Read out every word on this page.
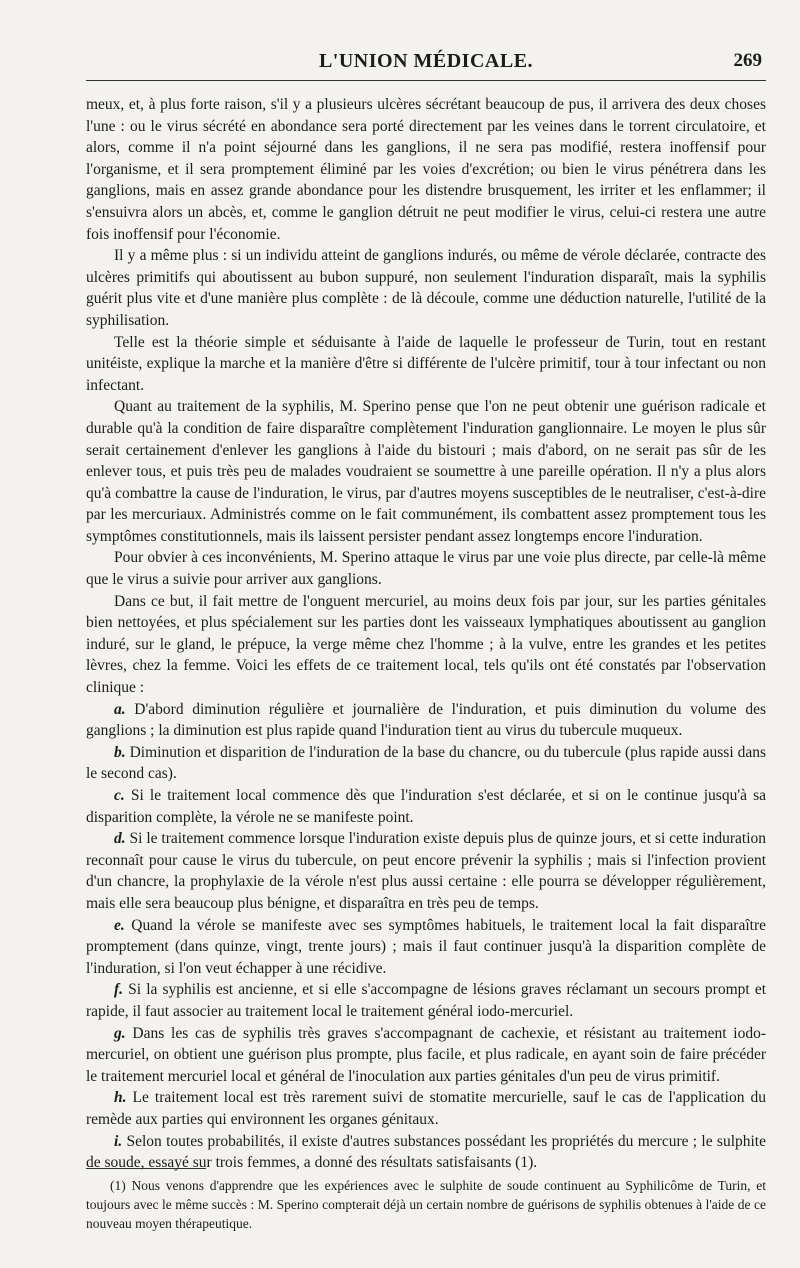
L'UNION MÉDICALE.	269

meux, et, à plus forte raison, s'il y a plusieurs ulcères sécrétant beaucoup de pus, il arrivera des deux choses l'une : ou le virus sécrété en abondance sera porté directement par les veines dans le torrent circulatoire, et alors, comme il n'a point séjourné dans les ganglions, il ne sera pas modifié, restera inoffensif pour l'organisme, et il sera promptement éliminé par les voies d'excrétion; ou bien le virus pénétrera dans les ganglions, mais en assez grande abondance pour les distendre brusquement, les irriter et les enflammer; il s'ensuivra alors un abcès, et, comme le ganglion détruit ne peut modifier le virus, celui-ci restera une autre fois inoffensif pour l'économie.

Il y a même plus : si un individu atteint de ganglions indurés, ou même de vérole déclarée, contracte des ulcères primitifs qui aboutissent au bubon suppuré, non seulement l'induration disparaît, mais la syphilis guérit plus vite et d'une manière plus complète : de là découle, comme une déduction naturelle, l'utilité de la syphilisation.

Telle est la théorie simple et séduisante à l'aide de laquelle le professeur de Turin, tout en restant unitéiste, explique la marche et la manière d'être si différente de l'ulcère primitif, tour à tour infectant ou non infectant.

Quant au traitement de la syphilis, M. Sperino pense que l'on ne peut obtenir une guérison radicale et durable qu'à la condition de faire disparaître complètement l'induration ganglionnaire. Le moyen le plus sûr serait certainement d'enlever les ganglions à l'aide du bistouri ; mais d'abord, on ne serait pas sûr de les enlever tous, et puis très peu de malades voudraient se soumettre à une pareille opération. Il n'y a plus alors qu'à combattre la cause de l'induration, le virus, par d'autres moyens susceptibles de le neutraliser, c'est-à-dire par les mercuriaux. Administrés comme on le fait communément, ils combattent assez promptement tous les symptômes constitutionnels, mais ils laissent persister pendant assez longtemps encore l'induration.

Pour obvier à ces inconvénients, M. Sperino attaque le virus par une voie plus directe, par celle-là même que le virus a suivie pour arriver aux ganglions.

Dans ce but, il fait mettre de l'onguent mercuriel, au moins deux fois par jour, sur les parties génitales bien nettoyées, et plus spécialement sur les parties dont les vaisseaux lymphatiques aboutissent au ganglion induré, sur le gland, le prépuce, la verge même chez l'homme ; à la vulve, entre les grandes et les petites lèvres, chez la femme. Voici les effets de ce traitement local, tels qu'ils ont été constatés par l'observation clinique :

a. D'abord diminution régulière et journalière de l'induration, et puis diminution du volume des ganglions ; la diminution est plus rapide quand l'induration tient au virus du tubercule muqueux.

b. Diminution et disparition de l'induration de la base du chancre, ou du tubercule (plus rapide aussi dans le second cas).

c. Si le traitement local commence dès que l'induration s'est déclarée, et si on le continue jusqu'à sa disparition complète, la vérole ne se manifeste point.

d. Si le traitement commence lorsque l'induration existe depuis plus de quinze jours, et si cette induration reconnaît pour cause le virus du tubercule, on peut encore prévenir la syphilis ; mais si l'infection provient d'un chancre, la prophylaxie de la vérole n'est plus aussi certaine : elle pourra se développer régulièrement, mais elle sera beaucoup plus bénigne, et disparaîtra en très peu de temps.

e. Quand la vérole se manifeste avec ses symptômes habituels, le traitement local la fait disparaître promptement (dans quinze, vingt, trente jours) ; mais il faut continuer jusqu'à la disparition complète de l'induration, si l'on veut échapper à une récidive.

f. Si la syphilis est ancienne, et si elle s'accompagne de lésions graves réclamant un secours prompt et rapide, il faut associer au traitement local le traitement général iodo-mercuriel.

g. Dans les cas de syphilis très graves s'accompagnant de cachexie, et résistant au traitement iodo-mercuriel, on obtient une guérison plus prompte, plus facile, et plus radicale, en ayant soin de faire précéder le traitement mercuriel local et général de l'inoculation aux parties génitales d'un peu de virus primitif.

h. Le traitement local est très rarement suivi de stomatite mercurielle, sauf le cas de l'application du remède aux parties qui environnent les organes génitaux.

i. Selon toutes probabilités, il existe d'autres substances possédant les propriétés du mercure ; le sulphite de soude, essayé sur trois femmes, a donné des résultats satisfaisants (1).

(1) Nous venons d'apprendre que les expériences avec le sulphite de soude continuent au Syphilicôme de Turin, et toujours avec le même succès : M. Sperino compterait déjà un certain nombre de guérisons de syphilis obtenues à l'aide de ce nouveau moyen thérapeutique.
